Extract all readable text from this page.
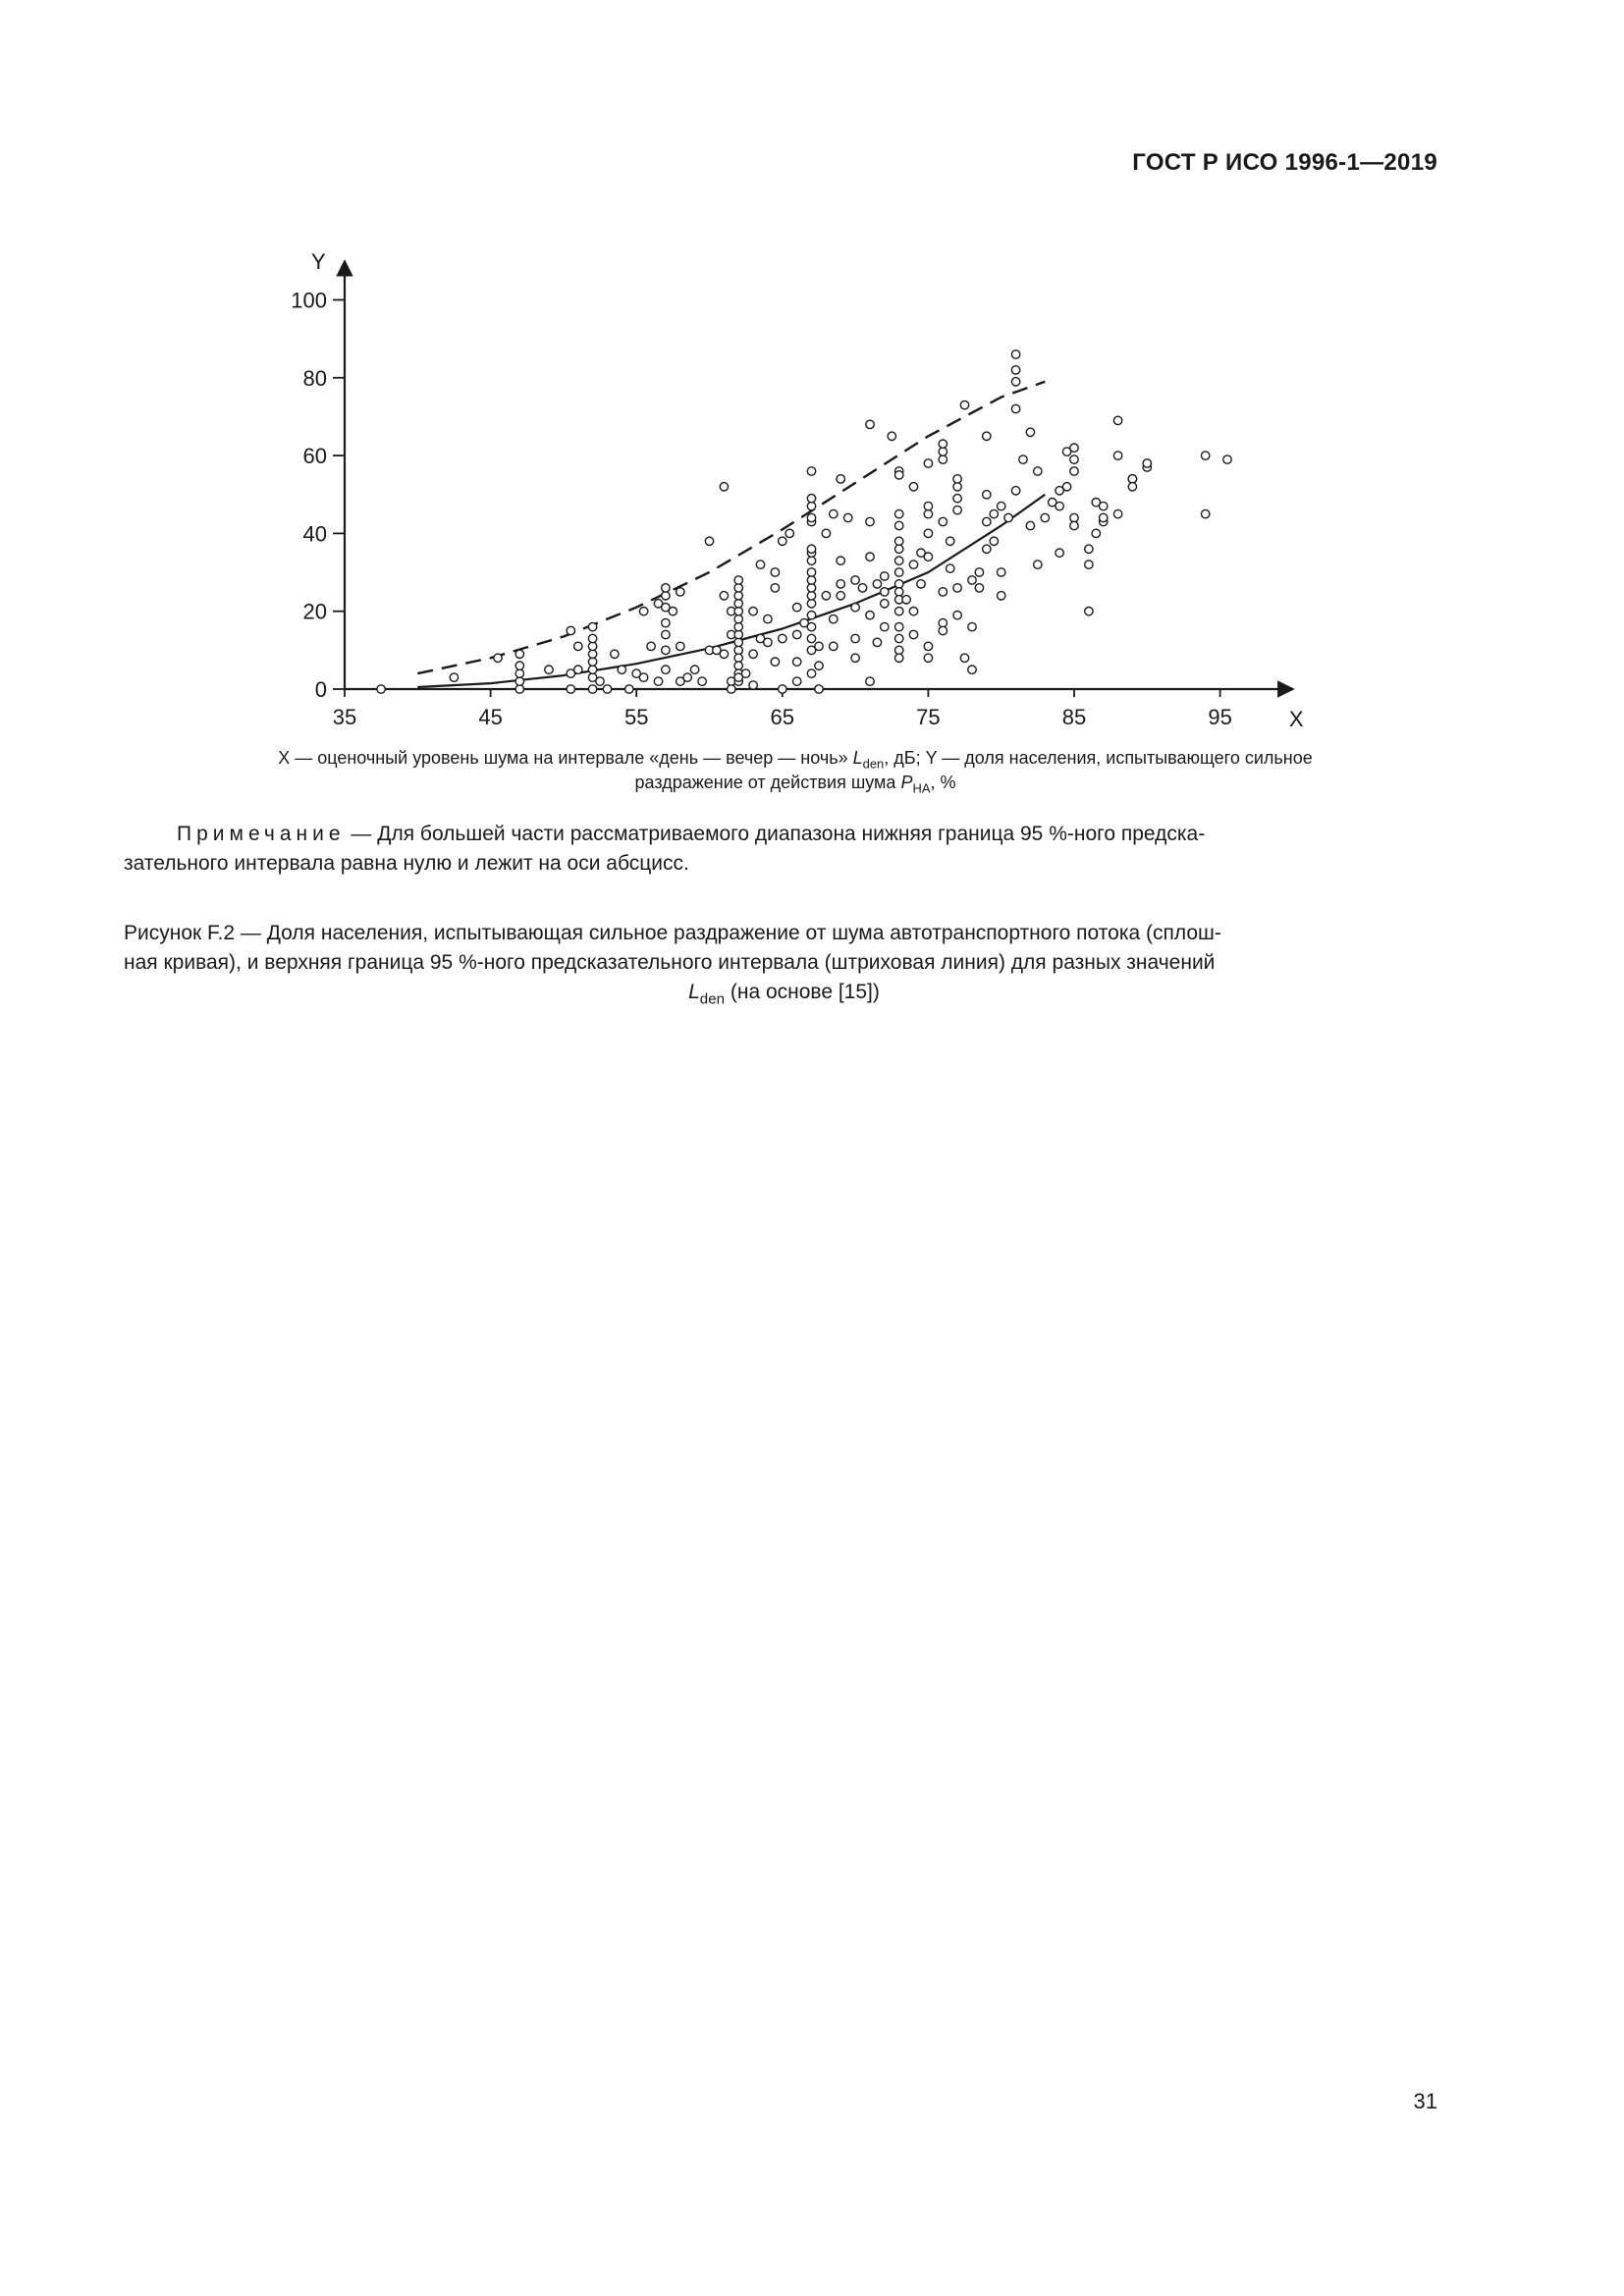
ГОСТ Р ИСО 1996-1—2019
X
Y
35	45	55	65	75	85	95
0
20
40
60
80
100
X — оценочный уровень шума на интервале «день — вечер — ночь» $L_{den}$, дБ; Y — доля населения, испытывающего сильное
раздражение от действия шума $P_{HA}$, %
Примечание — Для большей части рассматриваемого диапазона нижняя граница 95 %-ного предска-
зательного интервала равна нулю и лежит на оси абсцисс.
Рисунок F.2 — Доля населения, испытывающая сильное раздражение от шума автотранспортного потока (сплош-
ная кривая), и верхняя граница 95 %-ного предсказательного интервала (штриховая линия) для разных значений
$L_{den}$ (на основе [15])
31
